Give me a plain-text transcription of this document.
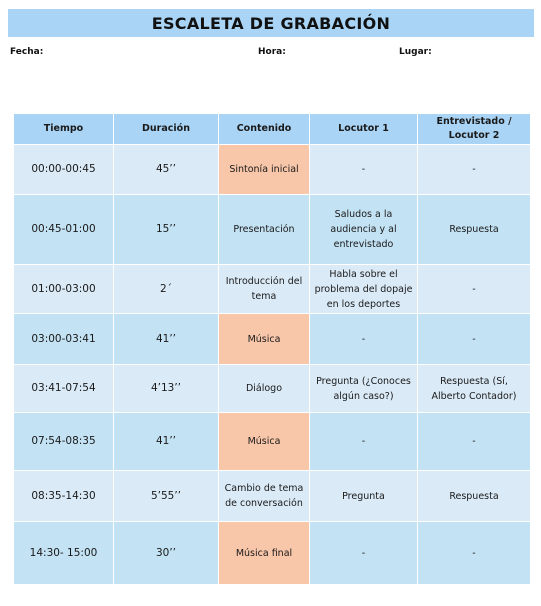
ESCALETA DE GRABACIÓN
Fecha:	Hora:	Lugar:
Tiempo	Duración	Contenido	Locutor 1	Entrevistado / Locutor 2
00:00-00:45	45’’	Sintonía inicial	-	-
00:45-01:00	15’’	Presentación	Saludos a la audiencia y al entrevistado	Respuesta
01:00-03:00	2´	Introducción del tema	Habla sobre el problema del dopaje en los deportes	-
03:00-03:41	41’’	Música	-	-
03:41-07:54	4’13’’	Diálogo	Pregunta (¿Conoces algún caso?)	Respuesta (Sí, Alberto Contador)
07:54-08:35	41’’	Música	-	-
08:35-14:30	5’55’’	Cambio de tema de conversación	Pregunta	Respuesta
14:30- 15:00	30’’	Música final	-	-
